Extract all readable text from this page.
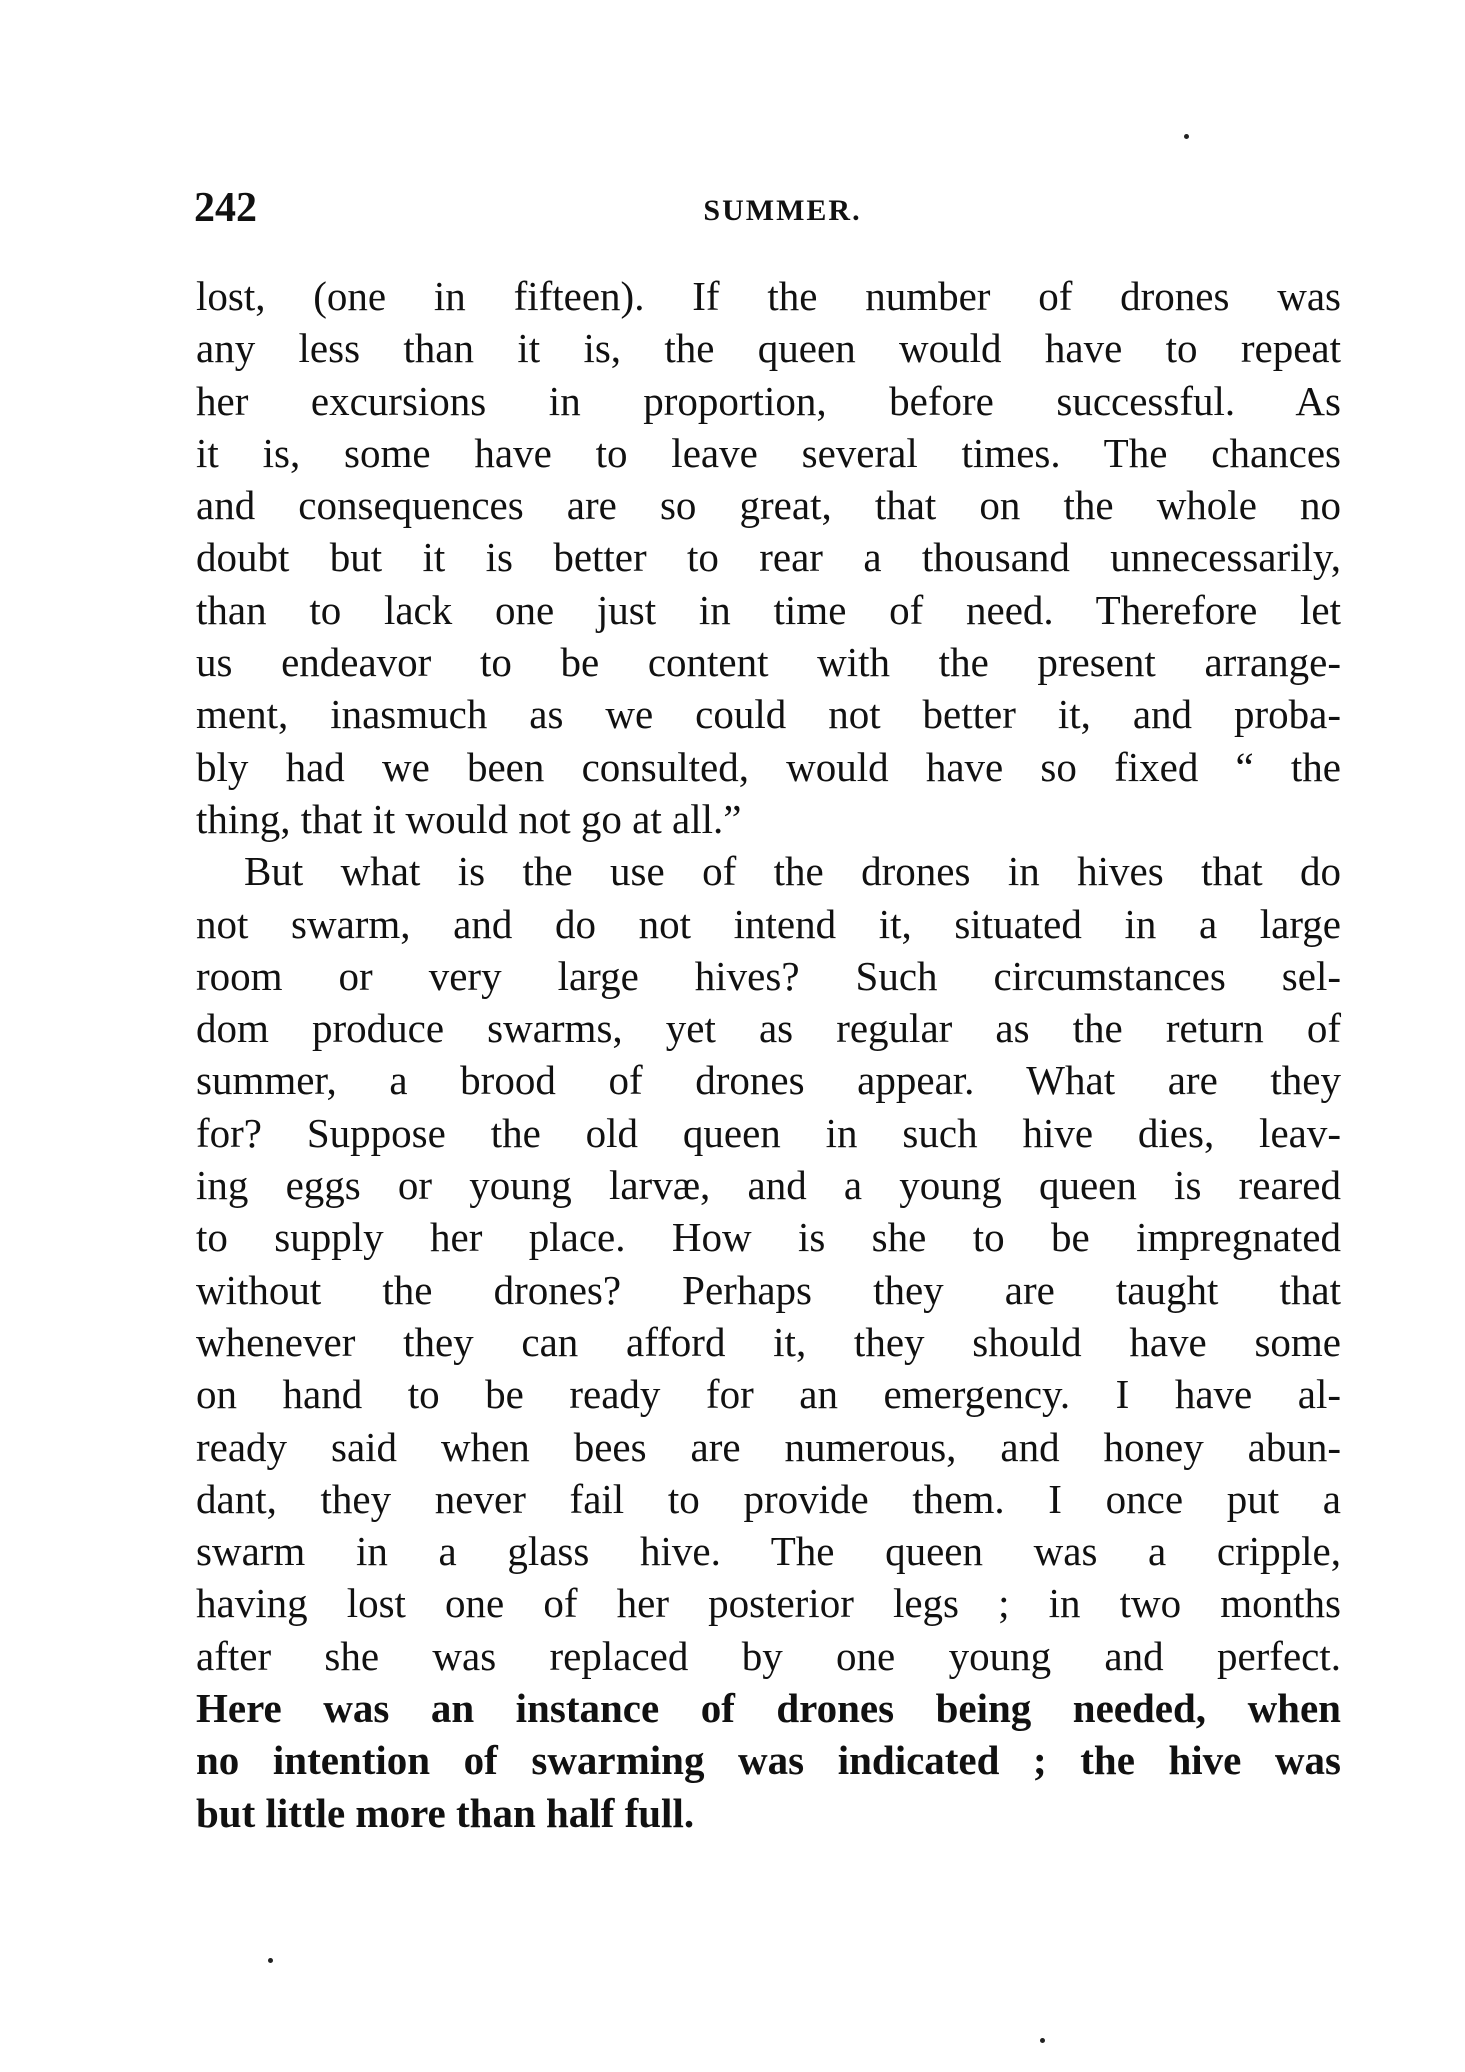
242	SUMMER.
lost, (one in fifteen). If the number of drones was
any less than it is, the queen would have to repeat
her excursions in proportion, before successful. As
it is, some have to leave several times. The chances
and consequences are so great, that on the whole no
doubt but it is better to rear a thousand unnecessarily,
than to lack one just in time of need. Therefore let
us endeavor to be content with the present arrange-
ment, inasmuch as we could not better it, and proba-
bly had we been consulted, would have so fixed “ the
thing, that it would not go at all.”
But what is the use of the drones in hives that do
not swarm, and do not intend it, situated in a large
room or very large hives? Such circumstances sel-
dom produce swarms, yet as regular as the return of
summer, a brood of drones appear. What are they
for? Suppose the old queen in such hive dies, leav-
ing eggs or young larvæ, and a young queen is reared
to supply her place. How is she to be impregnated
without the drones? Perhaps they are taught that
whenever they can afford it, they should have some
on hand to be ready for an emergency. I have al-
ready said when bees are numerous, and honey abun-
dant, they never fail to provide them. I once put a
swarm in a glass hive. The queen was a cripple,
having lost one of her posterior legs ; in two months
after she was replaced by one young and perfect.
Here was an instance of drones being needed, when
no intention of swarming was indicated ; the hive was
but little more than half full.
